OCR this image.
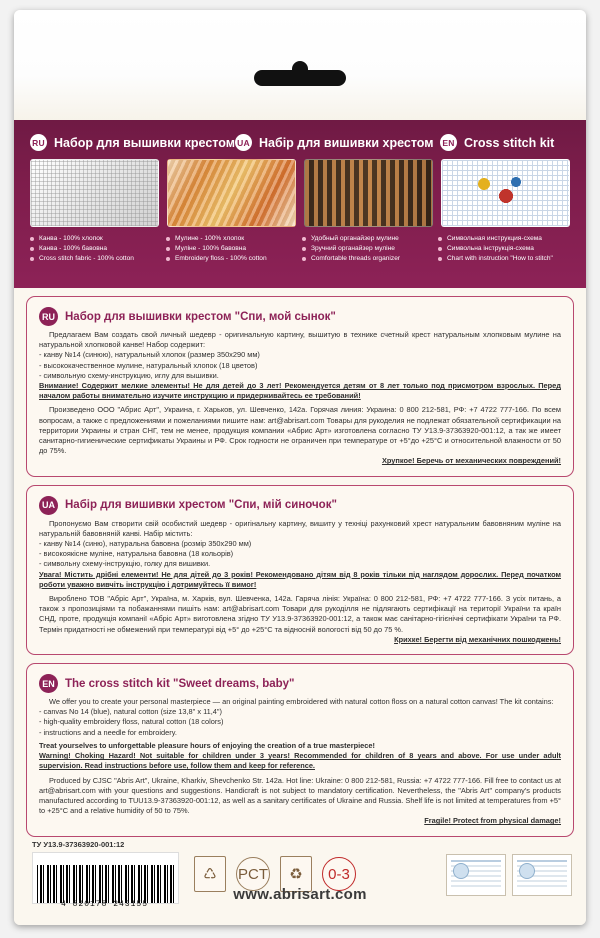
RU Набор для вышивки крестом UA Набір для вишивки хрестом EN Cross stitch kit
Канва - 100% хлопок
Канва - 100% бавовна
Cross stitch fabric - 100% cotton
Мулине - 100% хлопок
Муліне - 100% бавовна
Embroidery floss - 100% cotton
Удобный органайзер мулине
Зручний органайзер муліне
Comfortable threads organizer
Символьная инструкция-схема
Символьна інструкція-схема
Chart with instruction "How to stitch"
RU Набор для вышивки крестом "Спи, мой сынок"

Предлагаем Вам создать свой личный шедевр - оригинальную картину, вышитую в технике счетный крест натуральным хлопковым мулине на натуральной хлопковой канве! Набор содержит:

- канву №14 (синюю), натуральный хлопок (размер 350х290 мм)

- высококачественное мулине, натуральный хлопок (18 цветов)

- символьную схему-инструкцию, иглу для вышивки.

Внимание! Содержит мелкие элементы! Не для детей до 3 лет! Рекомендуется детям от 8 лет только под присмотром взрослых. Перед началом работы внимательно изучите инструкцию и придерживайтесь ее требований!

Произведено ООО "Абрис Арт", Украина, г. Харьков, ул. Шевченко, 142а. Горячая линия: Украина: 0 800 212-581, РФ: +7 4722 777-166. По всем вопросам, а также с предложениями и пожеланиями пишите нам: art@abrisart.com Товары для рукоделия не подлежат обязательной сертификации на территории Украины и стран СНГ, тем не менее, продукция компании «Абрис Арт» изготовлена согласно ТУ У13.9-37363920-001:12, а так же имеет санитарно-гигиенические сертификаты Украины и РФ. Срок годности не ограничен при температуре от +5°до +25°C и относительной влажности от 50 до 75%.

Хрупкое! Беречь от механических повреждений!

UA Набір для вишивки хрестом "Спи, мій синочок"

Пропонуємо Вам створити свій особистий шедевр - оригінальну картину, вишиту у техніці рахунковий хрест натуральним бавовняним муліне на натуральній бавовняній канві. Набір містить:

- канву №14 (синю), натуральна бавовна (розмір 350х290 мм)

- високоякісне муліне, натуральна бавовна (18 кольорів)

- символьну схему-інструкцію, голку для вишивки.

Увага! Містить дрібні елементи! Не для дітей до 3 років! Рекомендовано дітям від 8 років тільки під наглядом дорослих. Перед початком роботи уважно вивчіть інструкцію і дотримуйтесь її вимог!

Вироблено ТОВ "Абріс Арт", Україна, м. Харків, вул. Шевченка, 142а. Гаряча лінія: Україна: 0 800 212-581, РФ: +7 4722 777-166. З усіх питань, а також з пропозиціями та побажаннями пишіть нам: art@abrisart.com Товари для рукоділля не підлягають сертифікації на території України та країн СНД, проте, продукція компанії «Абріс Арт» виготовлена згідно ТУ У13.9-37363920-001:12, а також має санітарно-гігієнічні сертифікати України та РФ. Термін придатності не обмежений при температурі від +5° до +25°С та відносній вологості від 50 до 75 %.

Крихке! Берегти від механічних пошкоджень!

EN The cross stitch kit "Sweet dreams, baby"

We offer you to create your personal masterpiece — an original painting embroidered with natural cotton floss on a natural cotton canvas! The kit contains:

- canvas No 14 (blue), natural cotton (size 13,8" x 11,4")

- high-quality embroidery floss, natural cotton (18 colors)

- instructions and a needle for embroidery.

Treat yourselves to unforgettable pleasure hours of enjoying the creation of a true masterpiece!

Warning! Choking Hazard! Not suitable for children under 3 years! Recommended for children of 8 years and above. For use under adult supervision. Read instructions before use, follow them and keep for reference.

Produced by CJSC "Abris Art", Ukraine, Kharkiv, Shevchenko Str. 142a. Hot line: Ukraine: 0 800 212-581, Russia: +7 4722 777-166. Fill free to contact us at art@abrisart.com with your questions and suggestions. Handicraft is not subject to mandatory certification. Nevertheless, the "Abris Art" company's products manufactured according to TUU13.9-37363920-001:12, as well as a sanitary certificates of Ukraine and Russia. Shelf life is not limited at temperatures from +5° to +25°C and a relative humidity of 50 to 75%.

Fragile! Protect from physical damage!

ТУ У13.9-37363920-001:12
4 820178 243155
♺	PCT	♻	0-3
www.abrisart.com
